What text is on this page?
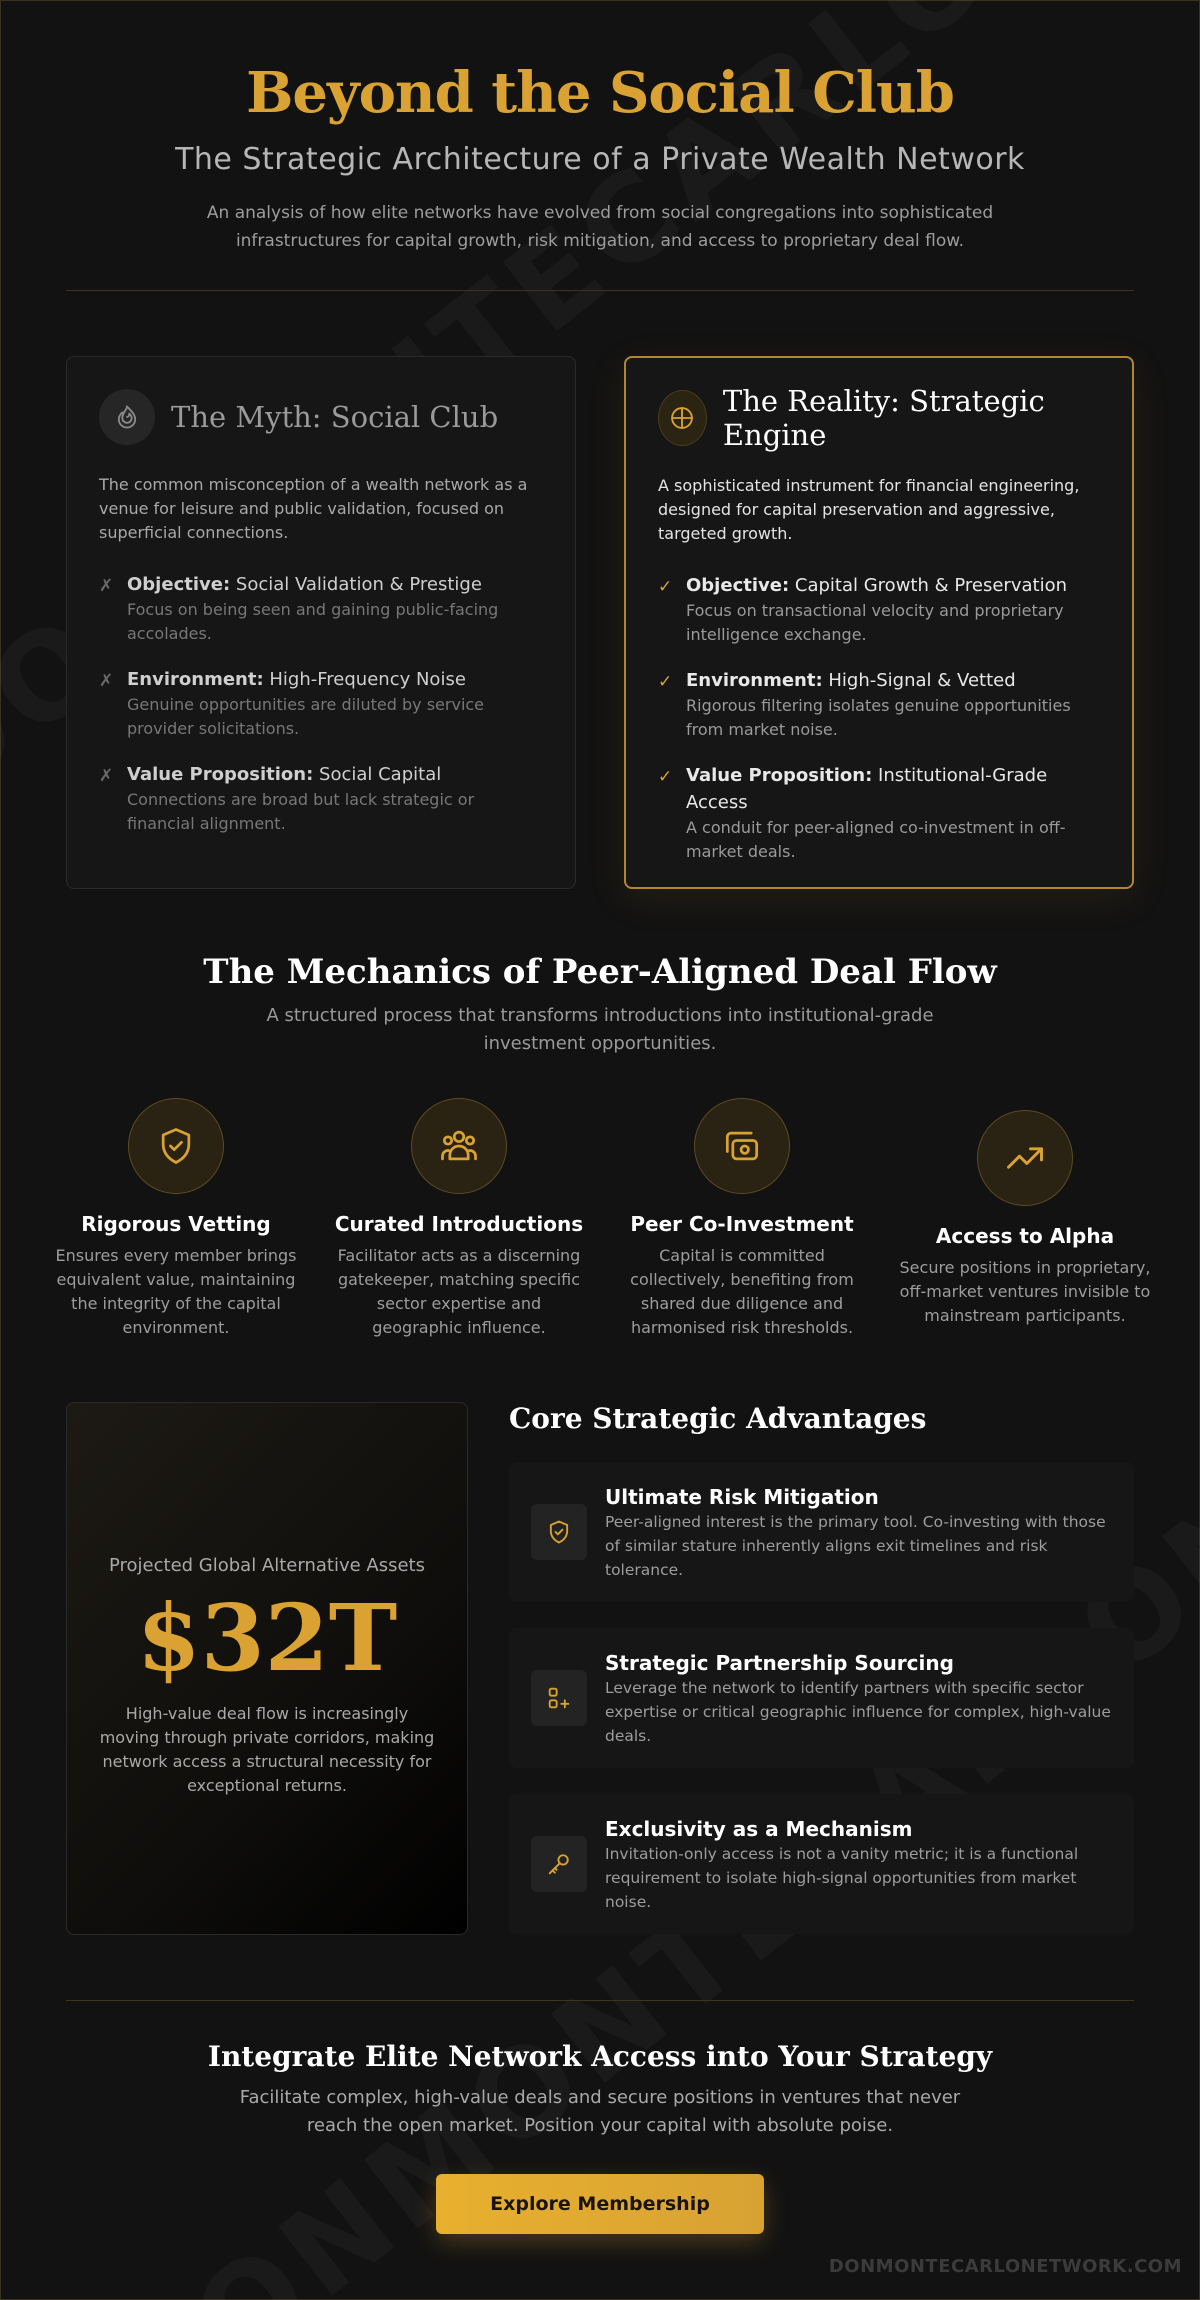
Beyond the Social Club
The Strategic Architecture of a Private Wealth Network

An analysis of how elite networks have evolved from social congregations into sophisticated infrastructures for capital growth, risk mitigation, and access to proprietary deal flow.

The Myth: Social Club

The common misconception of a wealth network as a venue for leisure and public validation, focused on superficial connections.

✗ Objective: Social Validation & Prestige
Focus on being seen and gaining public-facing accolades.
✗ Environment: High-Frequency Noise
Genuine opportunities are diluted by service provider solicitations.
✗ Value Proposition: Social Capital
Connections are broad but lack strategic or financial alignment.
The Reality: Strategic Engine

A sophisticated instrument for financial engineering, designed for capital preservation and aggressive, targeted growth.

✓ Objective: Capital Growth & Preservation
Focus on transactional velocity and proprietary intelligence exchange.
✓ Environment: High-Signal & Vetted
Rigorous filtering isolates genuine opportunities from market noise.
✓ Value Proposition: Institutional-Grade Access
A conduit for peer-aligned co-investment in off-market deals.
The Mechanics of Peer-Aligned Deal Flow

A structured process that transforms introductions into institutional-grade investment opportunities.

Rigorous Vetting
Ensures every member brings equivalent value, maintaining the integrity of the capital environment.
Curated Introductions
Facilitator acts as a discerning gatekeeper, matching specific sector expertise and geographic influence.
Peer Co-Investment
Capital is committed collectively, benefiting from shared due diligence and harmonised risk thresholds.
Access to Alpha
Secure positions in proprietary, off-market ventures invisible to mainstream participants.
Projected Global Alternative Assets
$32T
High-value deal flow is increasingly moving through private corridors, making network access a structural necessity for exceptional returns.
Core Strategic Advantages
Ultimate Risk Mitigation
Peer-aligned interest is the primary tool. Co-investing with those of similar stature inherently aligns exit timelines and risk tolerance.
Strategic Partnership Sourcing
Leverage the network to identify partners with specific sector expertise or critical geographic influence for complex, high-value deals.
Exclusivity as a Mechanism
Invitation-only access is not a vanity metric; it is a functional requirement to isolate high-signal opportunities from market noise.
Integrate Elite Network Access into Your Strategy

Facilitate complex, high-value deals and secure positions in ventures that never reach the open market. Position your capital with absolute poise.

Explore Membership
DONMONTECARLONETWORK.COM
